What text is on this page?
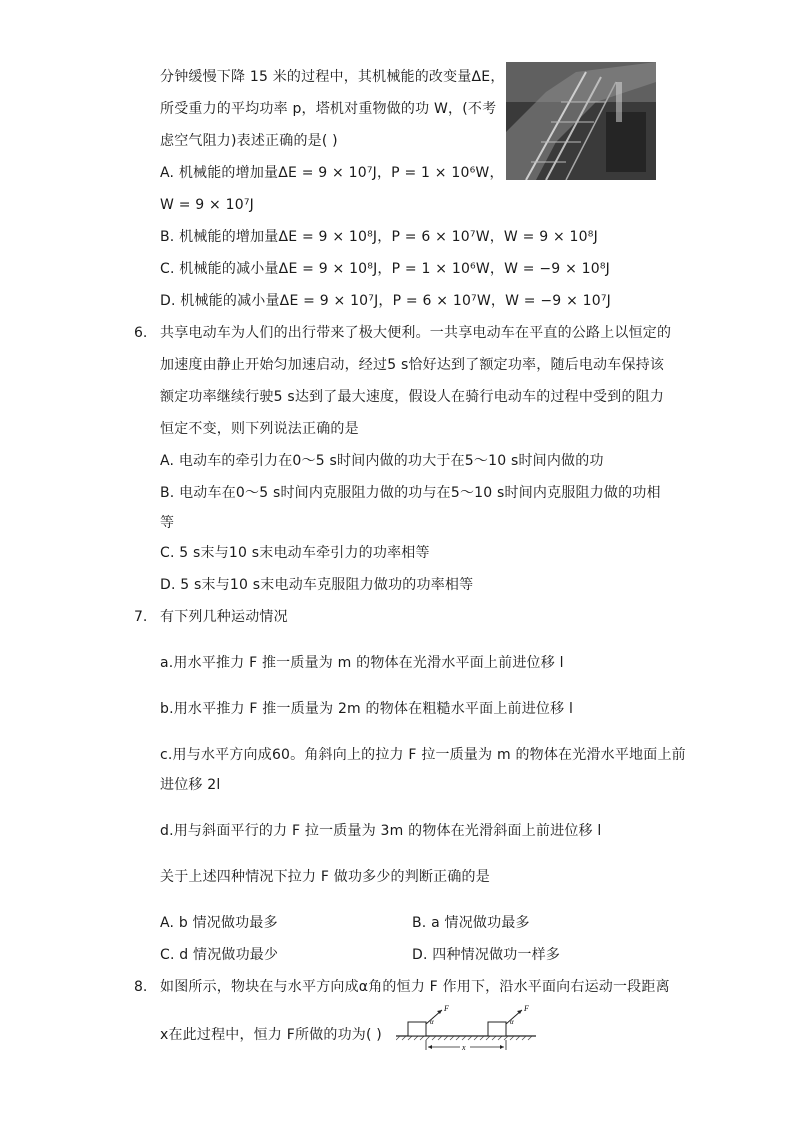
分钟缓慢下降 15 米的过程中，其机械能的改变量ΔE，
所受重力的平均功率 p，塔机对重物做的功 W，(不考
虑空气阻力)表述正确的是( )
A. 机械能的增加量ΔE = 9 × 10⁷J，P = 1 × 10⁶W，
W = 9 × 10⁷J
B. 机械能的增加量ΔE = 9 × 10⁸J，P = 6 × 10⁷W，W = 9 × 10⁸J
C. 机械能的减小量ΔE = 9 × 10⁸J，P = 1 × 10⁶W，W = −9 × 10⁸J
D. 机械能的减小量ΔE = 9 × 10⁷J，P = 6 × 10⁷W，W = −9 × 10⁷J
6. 共享电动车为人们的出行带来了极大便利。一共享电动车在平直的公路上以恒定的
加速度由静止开始匀加速启动，经过5 s恰好达到了额定功率，随后电动车保持该
额定功率继续行驶5 s达到了最大速度，假设人在骑行电动车的过程中受到的阻力
恒定不变，则下列说法正确的是
A. 电动车的牵引力在0～5 s时间内做的功大于在5～10 s时间内做的功
B. 电动车在0～5 s时间内克服阻力做的功与在5～10 s时间内克服阻力做的功相
等
C. 5 s末与10 s末电动车牵引力的功率相等
D. 5 s末与10 s末电动车克服阻力做功的功率相等
7. 有下列几种运动情况
a.用水平推力 F 推一质量为 m 的物体在光滑水平面上前进位移 l
b.用水平推力 F 推一质量为 2m 的物体在粗糙水平面上前进位移 l
c.用与水平方向成60。角斜向上的拉力 F 拉一质量为 m 的物体在光滑水平地面上前
进位移 2l
d.用与斜面平行的力 F 拉一质量为 3m 的物体在光滑斜面上前进位移 l
关于上述四种情况下拉力 F 做功多少的判断正确的是
A. b 情况做功最多	B. a 情况做功最多
C. d 情况做功最少	D. 四种情况做功一样多
8. 如图所示，物块在与水平方向成α角的恒力 F 作用下，沿水平面向右运动一段距离
x在此过程中，恒力 F所做的功为( )
F
α
F
α
x
